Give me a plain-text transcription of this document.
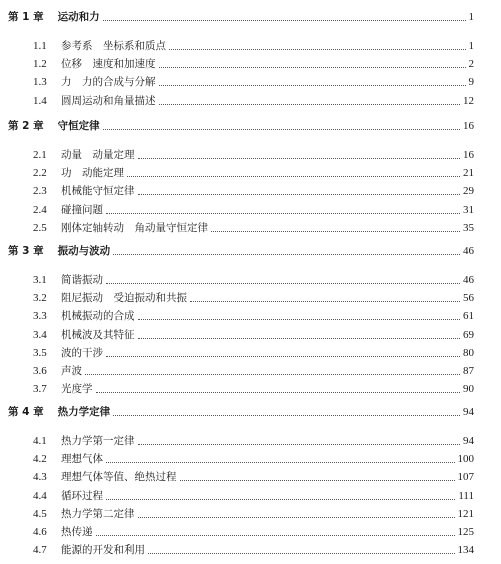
第 1 章 运动和力	1
1.1	参考系　坐标系和质点	1
1.2	位移　速度和加速度	2
1.3	力　力的合成与分解	9
1.4	圆周运动和角量描述	12
第 2 章 守恒定律	16
2.1	动量　动量定理	16
2.2	功　动能定理	21
2.3	机械能守恒定律	29
2.4	碰撞问题	31
2.5	刚体定轴转动　角动量守恒定律	35
第 3 章 振动与波动	46
3.1	简谐振动	46
3.2	阻尼振动　受迫振动和共振	56
3.3	机械振动的合成	61
3.4	机械波及其特征	69
3.5	波的干涉	80
3.6	声波	87
3.7	光度学	90
第 4 章 热力学定律	94
4.1	热力学第一定律	94
4.2	理想气体	100
4.3	理想气体等值、绝热过程	107
4.4	循环过程	111
4.5	热力学第二定律	121
4.6	热传递	125
4.7	能源的开发和利用	134
